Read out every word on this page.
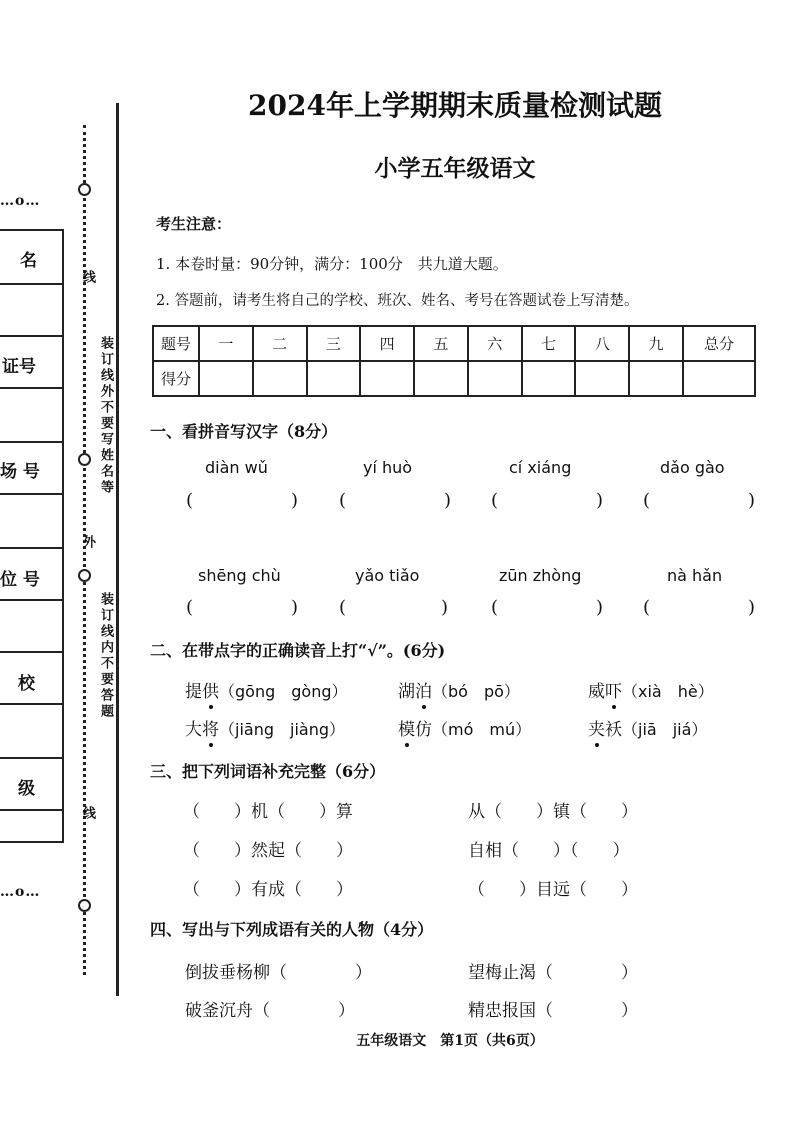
…o…
…o…
名
证号
场 号
位 号
校
级
线
外
线
装订线外不要写姓名等
装订线内不要答题
2024年上学期期末质量检测试题
小学五年级语文
考生注意：
1. 本卷时量：90分钟，满分：100分　共九道大题。
2. 答题前，请考生将自己的学校、班次、姓名、考号在答题试卷上写清楚。
题号	一	二	三	四	五	六	七	八	九	总分
得分										
一、看拼音写汉字（8分）
diàn wǔ	yí huò	cí xiáng	dǎo gào
(	) (	) (	) (	)
shēng chù	yǎo tiǎo	zūn zhòng	nà hǎn
(	) (	) (	) (	)
二、在带点字的正确读音上打“√”。(6分)
提供（gōng　gòng）	湖泊（bó　pō）	威吓（xià　hè）
大将（jiāng　jiàng）	模仿（mó　mú）	夹袄（jiā　jiá）
三、把下列词语补充完整（6分）
（　　）机（　　）算	从（　　）镇（　　）
（　　）然起（　　）	自相（　　）（　　）
（　　）有成（　　）	（　　）目远（　　）
四、写出与下列成语有关的人物（4分）
倒拔垂杨柳（　　　　）	望梅止渴（　　　　）
破釜沉舟（　　　　）	精忠报国（　　　　）
五年级语文　第1页（共6页）
